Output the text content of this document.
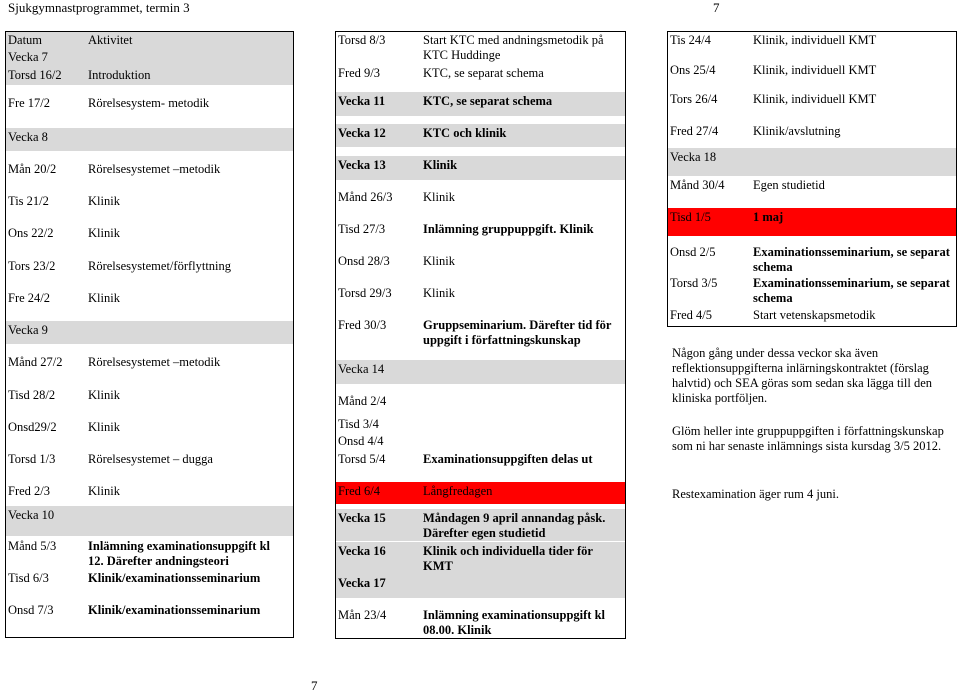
Sjukgymnastprogrammet, termin 3	7
Datum	Aktivitet
Vecka 7
Torsd 16/2 Introduktion
Fre 17/2	Rörelsesystem- metodik
Vecka 8
Mån 20/2	Rörelsesystemet –metodik
Tis 21/2	Klinik
Ons 22/2	Klinik
Tors 23/2	Rörelsesystemet/förflyttning
Fre 24/2	Klinik
Vecka 9
Månd 27/2 Rörelsesystemet –metodik
Tisd 28/2	Klinik
Onsd29/2	Klinik
Torsd 1/3	Rörelsesystemet – dugga
Fred 2/3	Klinik
Vecka 10
Månd 5/3	Inlämning examinationsuppgift kl 12. Därefter andningsteori
Tisd 6/3	Klinik/examinationsseminarium
Onsd 7/3	Klinik/examinationsseminarium
Torsd 8/3	Start KTC med andningsmetodik på KTC Huddinge
Fred 9/3	KTC, se separat schema
Vecka 11	KTC, se separat schema
Vecka 12	KTC och klinik
Vecka 13	Klinik
Månd 26/3 Klinik
Tisd 27/3	Inlämning gruppuppgift. Klinik
Onsd 28/3	Klinik
Torsd 29/3	Klinik
Fred 30/3	Gruppseminarium. Därefter tid för uppgift i författningskunskap
Vecka 14
Månd 2/4
Tisd 3/4
Onsd 4/4
Torsd 5/4	Examinationsuppgiften delas ut
Fred 6/4	Långfredagen
Vecka 15	Måndagen 9 april annandag påsk. Därefter egen studietid
Vecka 16	Klinik och individuella tider för KMT
Vecka 17
Mån 23/4	Inlämning examinationsuppgift kl 08.00. Klinik
Tis 24/4	Klinik, individuell KMT
Ons 25/4	Klinik, individuell KMT
Tors 26/4	Klinik, individuell KMT
Fred 27/4	Klinik/avslutning
Vecka 18
Månd 30/4 Egen studietid
Tisd 1/5	1 maj
Onsd 2/5	Examinationsseminarium, se separat schema
Torsd 3/5	Examinationsseminarium, se separat schema
Fred 4/5	Start vetenskapsmetodik

Någon gång under dessa veckor ska även reflektionsuppgifterna inlärningskontraktet (förslag halvtid) och SEA göras som sedan ska lägga till den kliniska portföljen.

Glöm heller inte gruppuppgiften i författningskunskap som ni har senaste inlämnings sista kursdag 3/5 2012.

Restexamination äger rum 4 juni.

7
